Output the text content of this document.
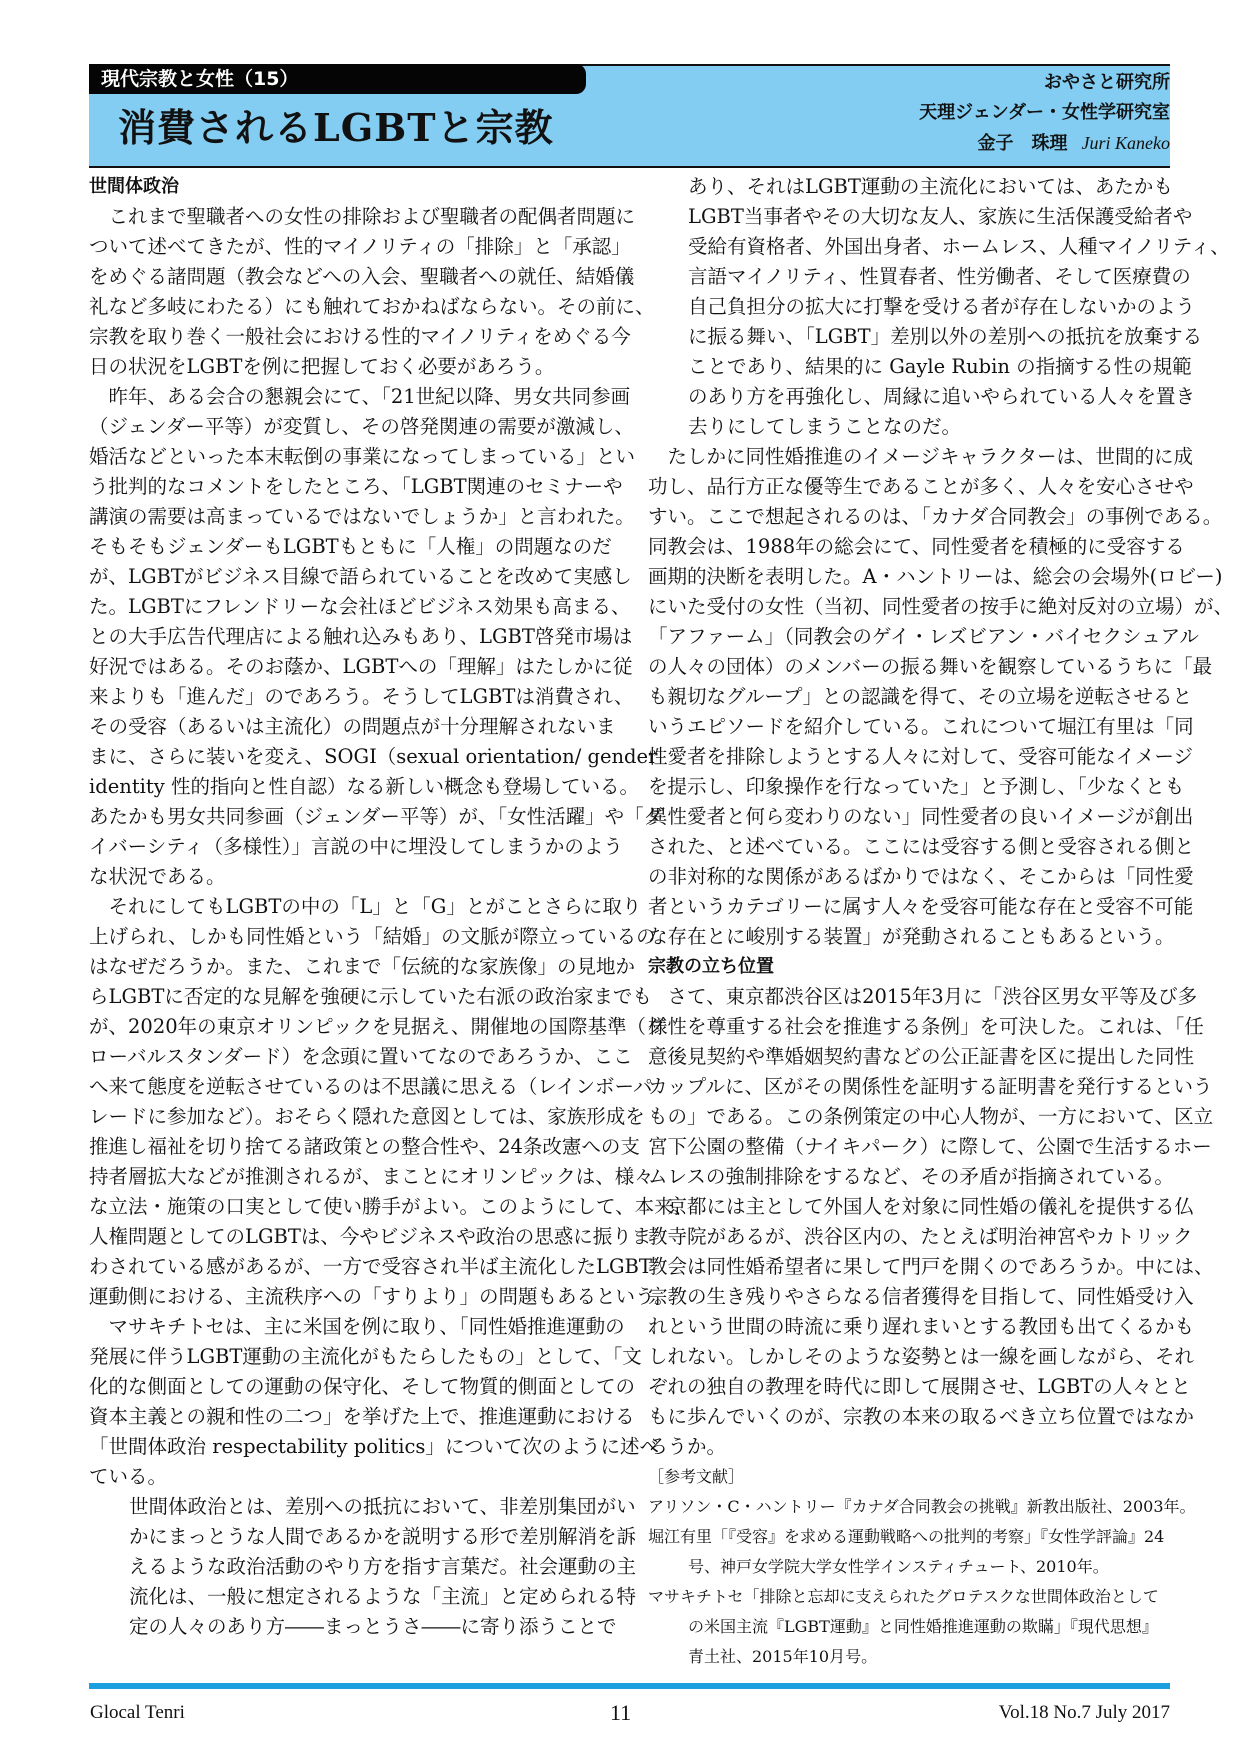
現代宗教と女性（15）
消費されるLGBTと宗教
おやさと研究所
天理ジェンダー・女性学研究室
金子　珠理 Juri Kaneko
世間体政治
これまで聖職者への女性の排除および聖職者の配偶者問題に
ついて述べてきたが、性的マイノリティの「排除」と「承認」
をめぐる諸問題（教会などへの入会、聖職者への就任、結婚儀
礼など多岐にわたる）にも触れておかねばならない。その前に、
宗教を取り巻く一般社会における性的マイノリティをめぐる今
日の状況をLGBTを例に把握しておく必要があろう。
昨年、ある会合の懇親会にて、「21世紀以降、男女共同参画
（ジェンダー平等）が変質し、その啓発関連の需要が激減し、
婚活などといった本末転倒の事業になってしまっている」とい
う批判的なコメントをしたところ、「LGBT関連のセミナーや
講演の需要は高まっているではないでしょうか」と言われた。
そもそもジェンダーもLGBTもともに「人権」の問題なのだ
が、LGBTがビジネス目線で語られていることを改めて実感し
た。LGBTにフレンドリーな会社ほどビジネス効果も高まる、
との大手広告代理店による触れ込みもあり、LGBT啓発市場は
好況ではある。そのお蔭か、LGBTへの「理解」はたしかに従
来よりも「進んだ」のであろう。そうしてLGBTは消費され、
その受容（あるいは主流化）の問題点が十分理解されないま
まに、さらに装いを変え、SOGI（sexual orientation/ gender
identity 性的指向と性自認）なる新しい概念も登場している。
あたかも男女共同参画（ジェンダー平等）が、「女性活躍」や「ダ
イバーシティ（多様性）」言説の中に埋没してしまうかのよう
な状況である。
それにしてもLGBTの中の「L」と「G」とがことさらに取り
上げられ、しかも同性婚という「結婚」の文脈が際立っているの
はなぜだろうか。また、これまで「伝統的な家族像」の見地か
らLGBTに否定的な見解を強硬に示していた右派の政治家までも
が、2020年の東京オリンピックを見据え、開催地の国際基準（グ
ローバルスタンダード）を念頭に置いてなのであろうか、ここ
へ来て態度を逆転させているのは不思議に思える（レインボーパ
レードに参加など）。おそらく隠れた意図としては、家族形成を
推進し福祉を切り捨てる諸政策との整合性や、24条改憲への支
持者層拡大などが推測されるが、まことにオリンピックは、様々
な立法・施策の口実として使い勝手がよい。このようにして、本来、
人権問題としてのLGBTは、今やビジネスや政治の思惑に振りま
わされている感があるが、一方で受容され半ば主流化したLGBT
運動側における、主流秩序への「すりより」の問題もあるという。
マサキチトセは、主に米国を例に取り、「同性婚推進運動の
発展に伴うLGBT運動の主流化がもたらしたもの」として、「文
化的な側面としての運動の保守化、そして物質的側面としての
資本主義との親和性の二つ」を挙げた上で、推進運動における
「世間体政治 respectability politics」について次のように述べ
ている。
世間体政治とは、差別への抵抗において、非差別集団がい
かにまっとうな人間であるかを説明する形で差別解消を訴
えるような政治活動のやり方を指す言葉だ。社会運動の主
流化は、一般に想定されるような「主流」と定められる特
定の人々のあり方――まっとうさ――に寄り添うことで
あり、それはLGBT運動の主流化においては、あたかも
LGBT当事者やその大切な友人、家族に生活保護受給者や
受給有資格者、外国出身者、ホームレス、人種マイノリティ、
言語マイノリティ、性買春者、性労働者、そして医療費の
自己負担分の拡大に打撃を受ける者が存在しないかのよう
に振る舞い、「LGBT」差別以外の差別への抵抗を放棄する
ことであり、結果的に Gayle Rubin の指摘する性の規範
のあり方を再強化し、周縁に追いやられている人々を置き
去りにしてしまうことなのだ。
たしかに同性婚推進のイメージキャラクターは、世間的に成
功し、品行方正な優等生であることが多く、人々を安心させや
すい。ここで想起されるのは、「カナダ合同教会」の事例である。
同教会は、1988年の総会にて、同性愛者を積極的に受容する
画期的決断を表明した。A・ハントリーは、総会の会場外(ロビー)
にいた受付の女性（当初、同性愛者の按手に絶対反対の立場）が、
「アファーム」（同教会のゲイ・レズビアン・バイセクシュアル
の人々の団体）のメンバーの振る舞いを観察しているうちに「最
も親切なグループ」との認識を得て、その立場を逆転させると
いうエピソードを紹介している。これについて堀江有里は「同
性愛者を排除しようとする人々に対して、受容可能なイメージ
を提示し、印象操作を行なっていた」と予測し、「少なくとも
異性愛者と何ら変わりのない」同性愛者の良いイメージが創出
された、と述べている。ここには受容する側と受容される側と
の非対称的な関係があるばかりではなく、そこからは「同性愛
者というカテゴリーに属す人々を受容可能な存在と受容不可能
な存在とに峻別する装置」が発動されることもあるという。
宗教の立ち位置
さて、東京都渋谷区は2015年3月に「渋谷区男女平等及び多
様性を尊重する社会を推進する条例」を可決した。これは、「任
意後見契約や準婚姻契約書などの公正証書を区に提出した同性
カップルに、区がその関係性を証明する証明書を発行するという
もの」である。この条例策定の中心人物が、一方において、区立
宮下公園の整備（ナイキパーク）に際して、公園で生活するホー
ムレスの強制排除をするなど、その矛盾が指摘されている。
京都には主として外国人を対象に同性婚の儀礼を提供する仏
教寺院があるが、渋谷区内の、たとえば明治神宮やカトリック
教会は同性婚希望者に果して門戸を開くのであろうか。中には、
宗教の生き残りやさらなる信者獲得を目指して、同性婚受け入
れという世間の時流に乗り遅れまいとする教団も出てくるかも
しれない。しかしそのような姿勢とは一線を画しながら、それ
ぞれの独自の教理を時代に即して展開させ、LGBTの人々とと
もに歩んでいくのが、宗教の本来の取るべき立ち位置ではなか
ろうか。
［参考文献］
アリソン・C・ハントリー『カナダ合同教会の挑戦』新教出版社、2003年。
堀江有里「『受容』を求める運動戦略への批判的考察」『女性学評論』24
号、神戸女学院大学女性学インスティチュート、2010年。
マサキチトセ「排除と忘却に支えられたグロテスクな世間体政治として
の米国主流『LGBT運動』と同性婚推進運動の欺瞞」『現代思想』
青土社、2015年10月号。
Glocal Tenri	11	Vol.18 No.7 July 2017
